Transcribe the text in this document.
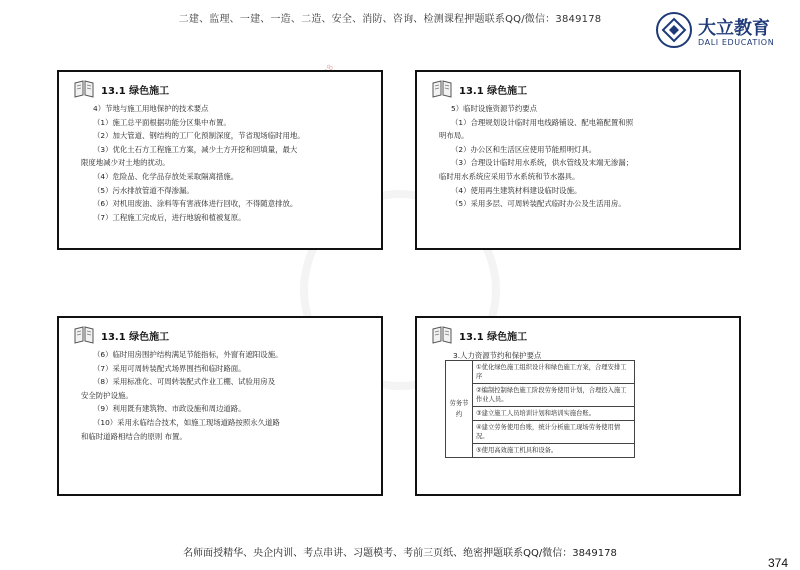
二建、监理、一建、一造、二造、安全、消防、咨询、检测课程押题联系QQ/微信：3849178	大立教育
DALI EDUCATION
13.1 绿色施工

4）节地与施工用地保护的技术要点

（1）施工总平面根据功能分区集中布置。

（2）加大管道、钢结构的工厂化预制深度，节省现场临时用地。

（3）优化土石方工程施工方案，减少土方开挖和回填量，最大

限度地减少对土地的扰动。

（4）危险品、化学品存放处采取隔离措施。

（5）污水排放管道不得渗漏。

（6）对机用废油、涂料等有害液体进行回收，不得随意排放。

（7）工程施工完成后，进行地貌和植被复原。

13.1 绿色施工

5）临时设施资源节约要点

（1）合理规划设计临时用电线路铺设、配电箱配置和照

明布局。

（2）办公区和生活区应使用节能照明灯具。

（3）合理设计临时用水系统，供水管线及末端无渗漏；

临时用水系统应采用节水系统和节水器具。

（4）使用再生建筑材料建设临时设施。

（5）采用多层、可周转装配式临时办公及生活用房。

13.1 绿色施工

（6）临时用房围护结构满足节能指标，外窗有遮阳设施。

（7）采用可周转装配式场界围挡和临时路面。

（8）采用标准化、可周转装配式作业工棚、试验用房及

安全防护设施。

（9）利用既有建筑物、市政设施和周边道路。

（10）采用永临结合技术，如施工现场道路按照永久道路

和临时道路相结合的原则 布置。

13.1 绿色施工
3.人力资源节约和保护要点
劳务节约	①优化绿色施工组织设计和绿色施工方案，合理安排工序
②编制控制绿色施工阶段劳务使用计划，合理投入施工作业人员。
③建立施工人员培训计划和培训实施台账。
④建立劳务使用台账，统计分析施工现场劳务使用情况。
⑤使用高效施工机具和设备。
名师面授精华、央企内训、考点串讲、习题模考、考前三页纸、绝密押题联系QQ/微信：3849178
374
